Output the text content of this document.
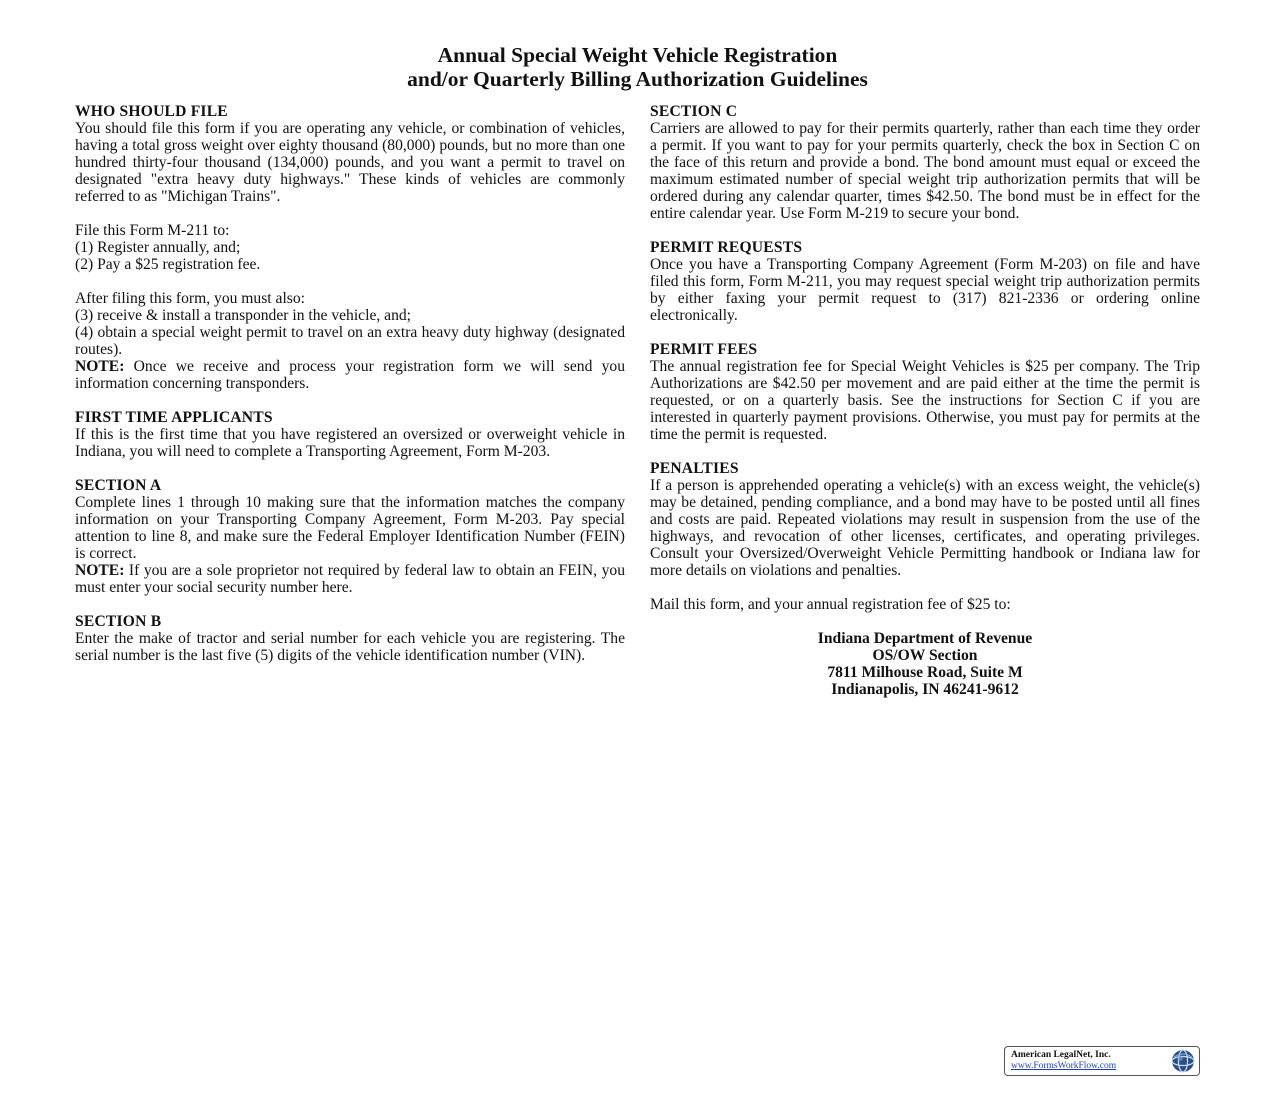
Annual Special Weight Vehicle Registration
and/or Quarterly Billing Authorization Guidelines
WHO SHOULD FILE
You should file this form if you are operating any vehicle, or combination of vehicles, having a total gross weight over eighty thousand (80,000) pounds, but no more than one hundred thirty-four thousand (134,000) pounds, and you want a permit to travel on designated "extra heavy duty highways." These kinds of vehicles are commonly referred to as "Michigan Trains".
File this Form M-211 to:
(1) Register annually, and;
(2) Pay a $25 registration fee.
After filing this form, you must also:
(3) receive & install a transponder in the vehicle, and;
(4) obtain a special weight permit to travel on an extra heavy duty highway (designated routes).
NOTE: Once we receive and process your registration form we will send you information concerning transponders.
FIRST TIME APPLICANTS
If this is the first time that you have registered an oversized or overweight vehicle in Indiana, you will need to complete a Transporting Agreement, Form M-203.
SECTION A
Complete lines 1 through 10 making sure that the information matches the company information on your Transporting Company Agreement, Form M-203. Pay special attention to line 8, and make sure the Federal Employer Identification Number (FEIN) is correct.
NOTE: If you are a sole proprietor not required by federal law to obtain an FEIN, you must enter your social security number here.
SECTION B
Enter the make of tractor and serial number for each vehicle you are registering. The serial number is the last five (5) digits of the vehicle identification number (VIN).
SECTION C
Carriers are allowed to pay for their permits quarterly, rather than each time they order a permit. If you want to pay for your permits quarterly, check the box in Section C on the face of this return and provide a bond. The bond amount must equal or exceed the maximum estimated number of special weight trip authorization permits that will be ordered during any calendar quarter, times $42.50. The bond must be in effect for the entire calendar year. Use Form M-219 to secure your bond.
PERMIT REQUESTS
Once you have a Transporting Company Agreement (Form M-203) on file and have filed this form, Form M-211, you may request special weight trip authorization permits by either faxing your permit request to (317) 821-2336 or ordering online electronically.
PERMIT FEES
The annual registration fee for Special Weight Vehicles is $25 per company. The Trip Authorizations are $42.50 per movement and are paid either at the time the permit is requested, or on a quarterly basis. See the instructions for Section C if you are interested in quarterly payment provisions. Otherwise, you must pay for permits at the time the permit is requested.
PENALTIES
If a person is apprehended operating a vehicle(s) with an excess weight, the vehicle(s) may be detained, pending compliance, and a bond may have to be posted until all fines and costs are paid. Repeated violations may result in suspension from the use of the highways, and revocation of other licenses, certificates, and operating privileges. Consult your Oversized/Overweight Vehicle Permitting handbook or Indiana law for more details on violations and penalties.
Mail this form, and your annual registration fee of $25 to:
Indiana Department of Revenue
OS/OW Section
7811 Milhouse Road, Suite M
Indianapolis, IN 46241-9612
American LegalNet, Inc.
www.FormsWorkFlow.com
